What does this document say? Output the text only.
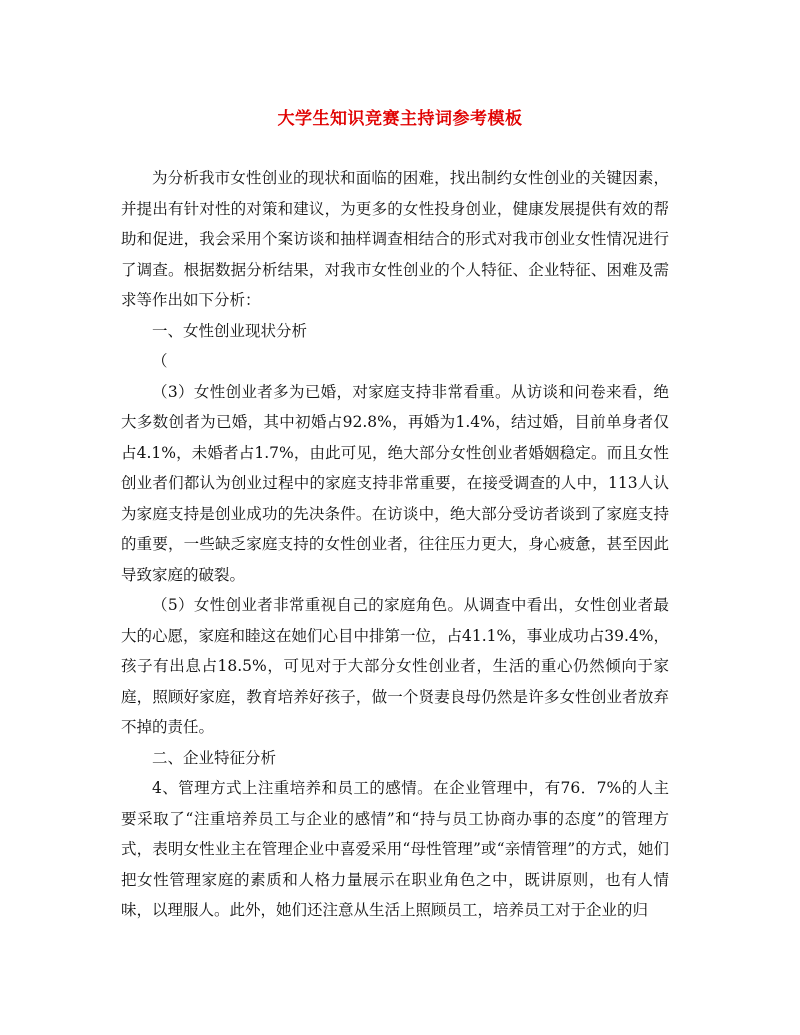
大学生知识竞赛主持词参考模板

为分析我市女性创业的现状和面临的困难，找出制约女性创业的关键因素，并提出有针对性的对策和建议，为更多的女性投身创业，健康发展提供有效的帮助和促进，我会采用个案访谈和抽样调查相结合的形式对我市创业女性情况进行了调查。根据数据分析结果，对我市女性创业的个人特征、企业特征、困难及需求等作出如下分析：

一、女性创业现状分析

（

（3）女性创业者多为已婚，对家庭支持非常看重。从访谈和问卷来看，绝大多数创者为已婚，其中初婚占92.8%，再婚为1.4%，结过婚，目前单身者仅占4.1%，未婚者占1.7%，由此可见，绝大部分女性创业者婚姻稳定。而且女性创业者们都认为创业过程中的家庭支持非常重要，在接受调查的人中，113人认为家庭支持是创业成功的先决条件。在访谈中，绝大部分受访者谈到了家庭支持的重要，一些缺乏家庭支持的女性创业者，往往压力更大，身心疲惫，甚至因此导致家庭的破裂。

（5）女性创业者非常重视自己的家庭角色。从调查中看出，女性创业者最大的心愿，家庭和睦这在她们心目中排第一位，占41.1%，事业成功占39.4%，孩子有出息占18.5%，可见对于大部分女性创业者，生活的重心仍然倾向于家庭，照顾好家庭，教育培养好孩子，做一个贤妻良母仍然是许多女性创业者放弃不掉的责任。

二、企业特征分析

4、管理方式上注重培养和员工的感情。在企业管理中，有76．7%的人主要采取了“注重培养员工与企业的感情”和“持与员工协商办事的态度”的管理方式，表明女性业主在管理企业中喜爱采用“母性管理”或“亲情管理”的方式，她们把女性管理家庭的素质和人格力量展示在职业角色之中，既讲原则，也有人情味，以理服人。此外，她们还注意从生活上照顾员工，培养员工对于企业的归
